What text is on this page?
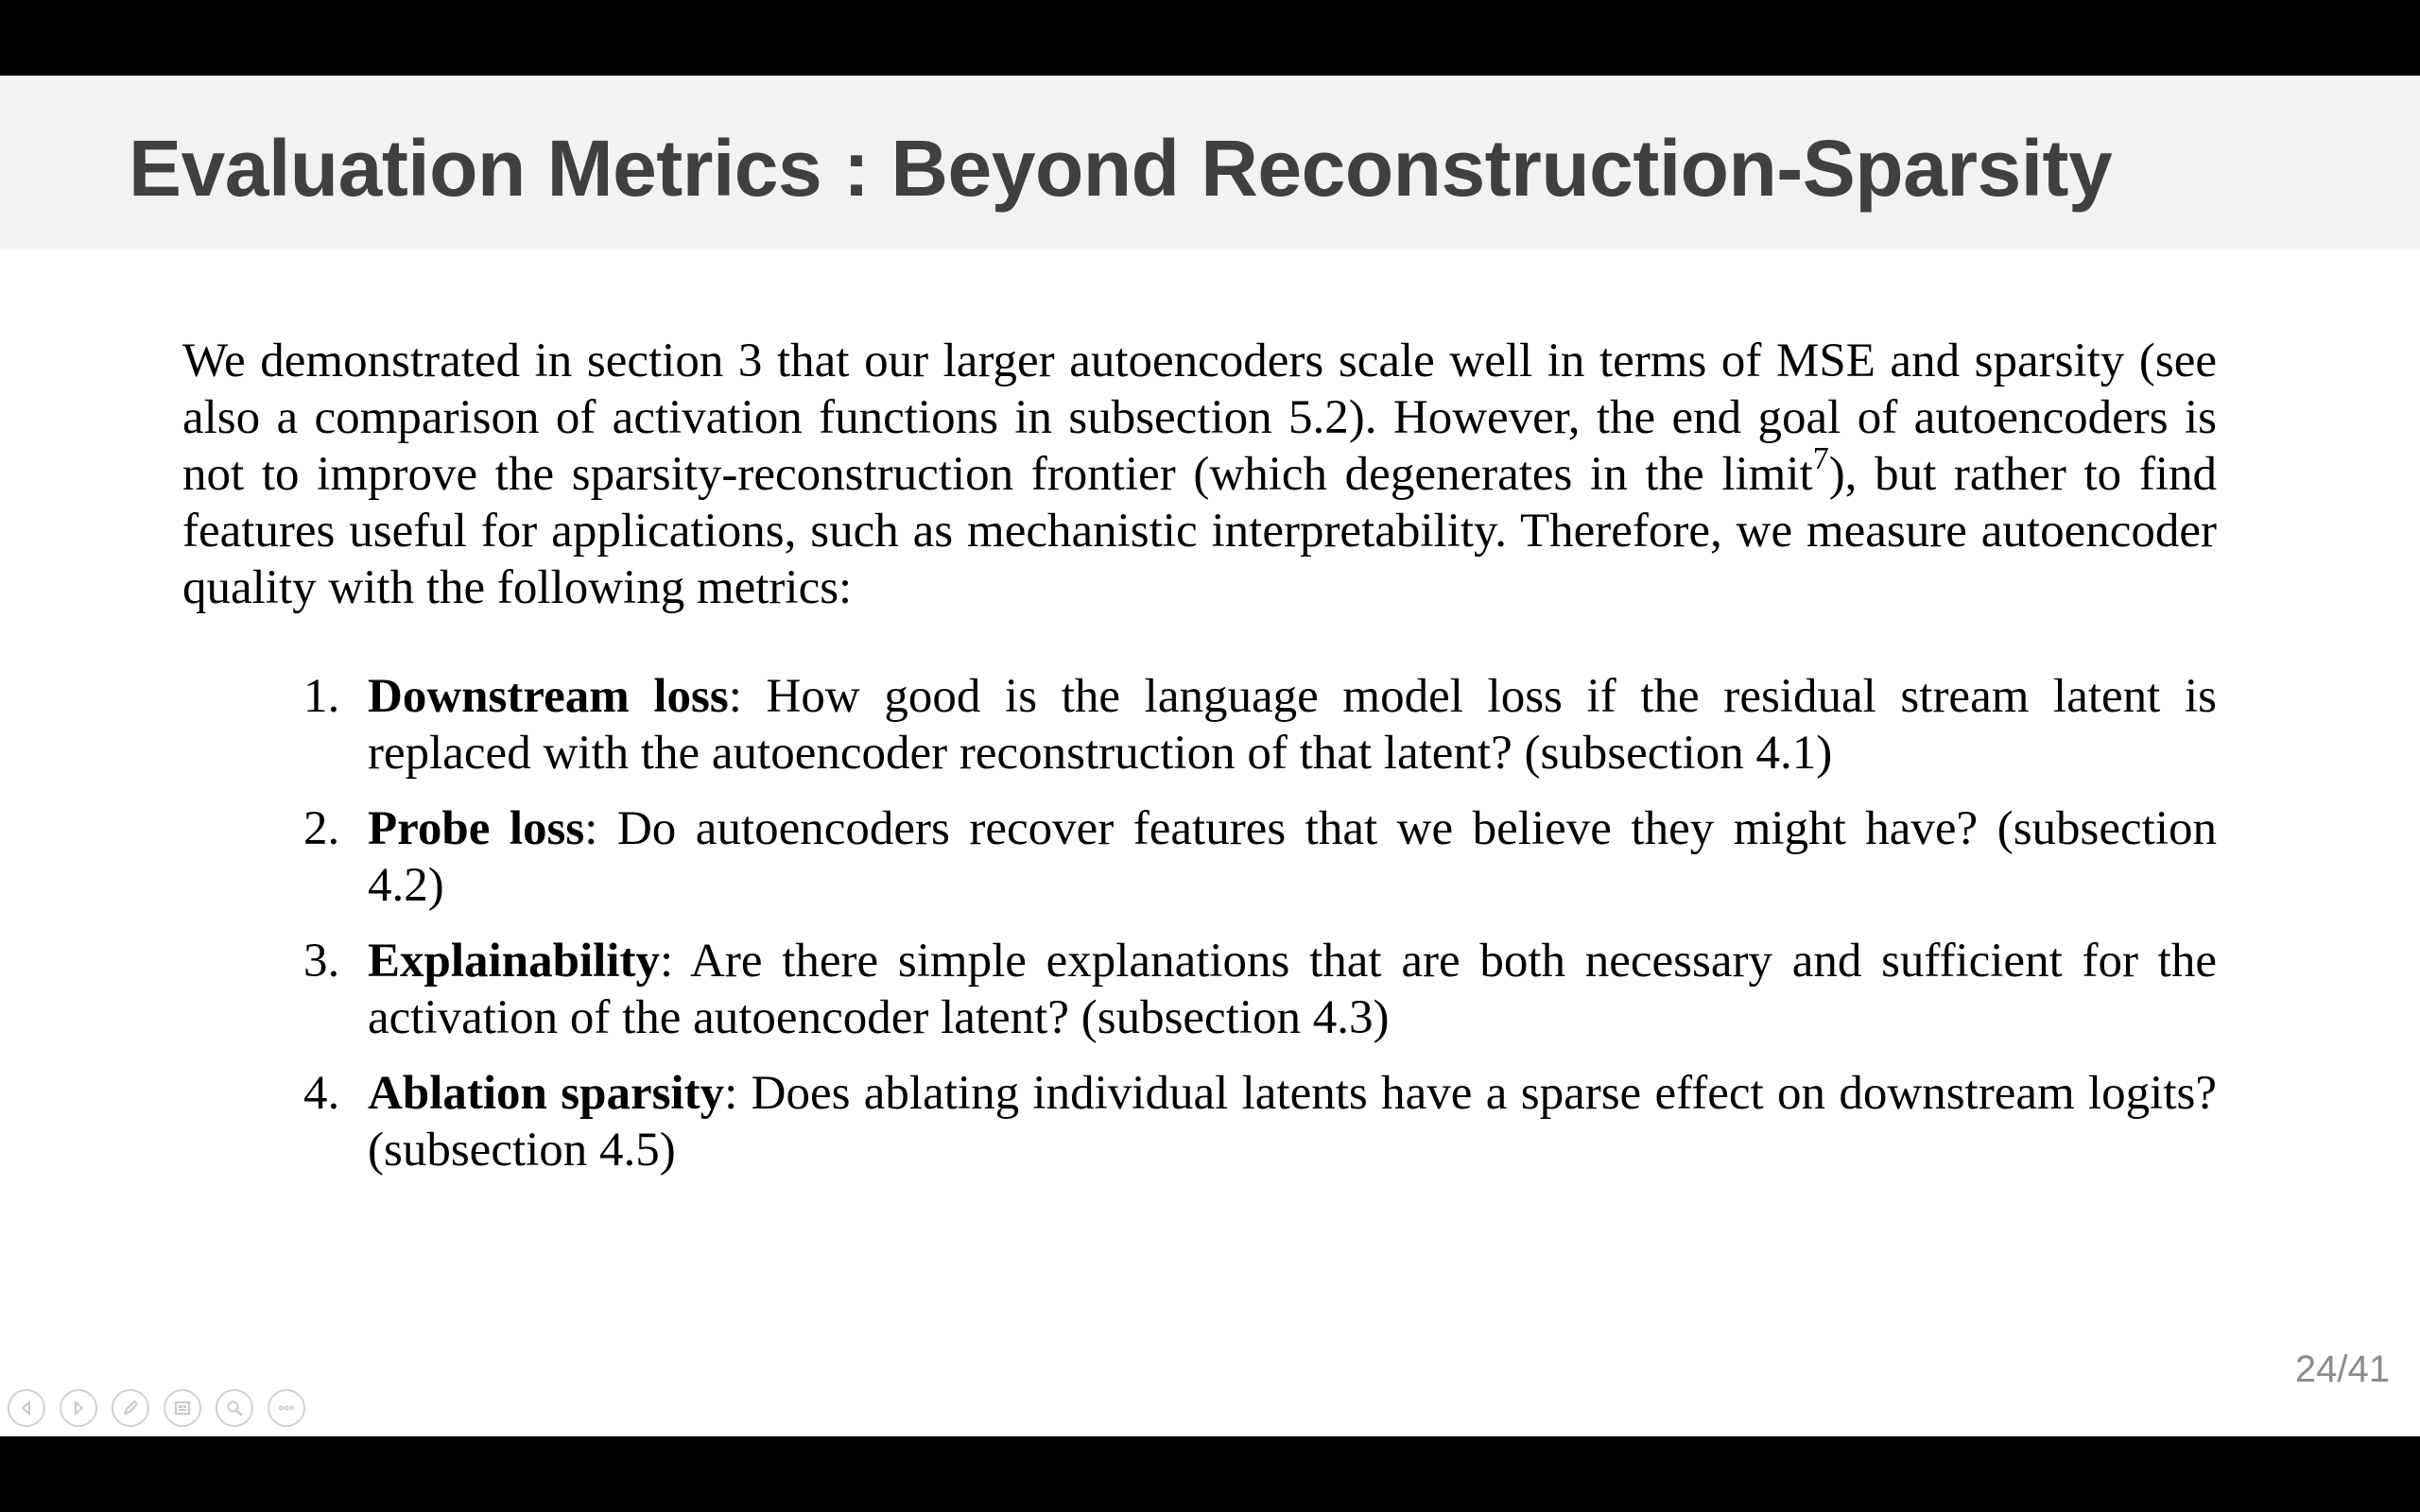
Evaluation Metrics : Beyond Reconstruction-Sparsity

We demonstrated in section 3 that our larger autoencoders scale well in terms of MSE and sparsity (see also a comparison of activation functions in subsection 5.2). However, the end goal of autoencoders is not to improve the sparsity-reconstruction frontier (which degenerates in the limit$^7$), but rather to find features useful for applications, such as mechanistic interpretability. Therefore, we measure autoencoder quality with the following metrics:

1. Downstream loss: How good is the language model loss if the residual stream latent is replaced with the autoencoder reconstruction of that latent? (subsection 4.1)
2. Probe loss: Do autoencoders recover features that we believe they might have? (subsection 4.2)
3. Explainability: Are there simple explanations that are both necessary and sufficient for the activation of the autoencoder latent? (subsection 4.3)
4. Ablation sparsity: Does ablating individual latents have a sparse effect on downstream logits? (subsection 4.5)
24/41
